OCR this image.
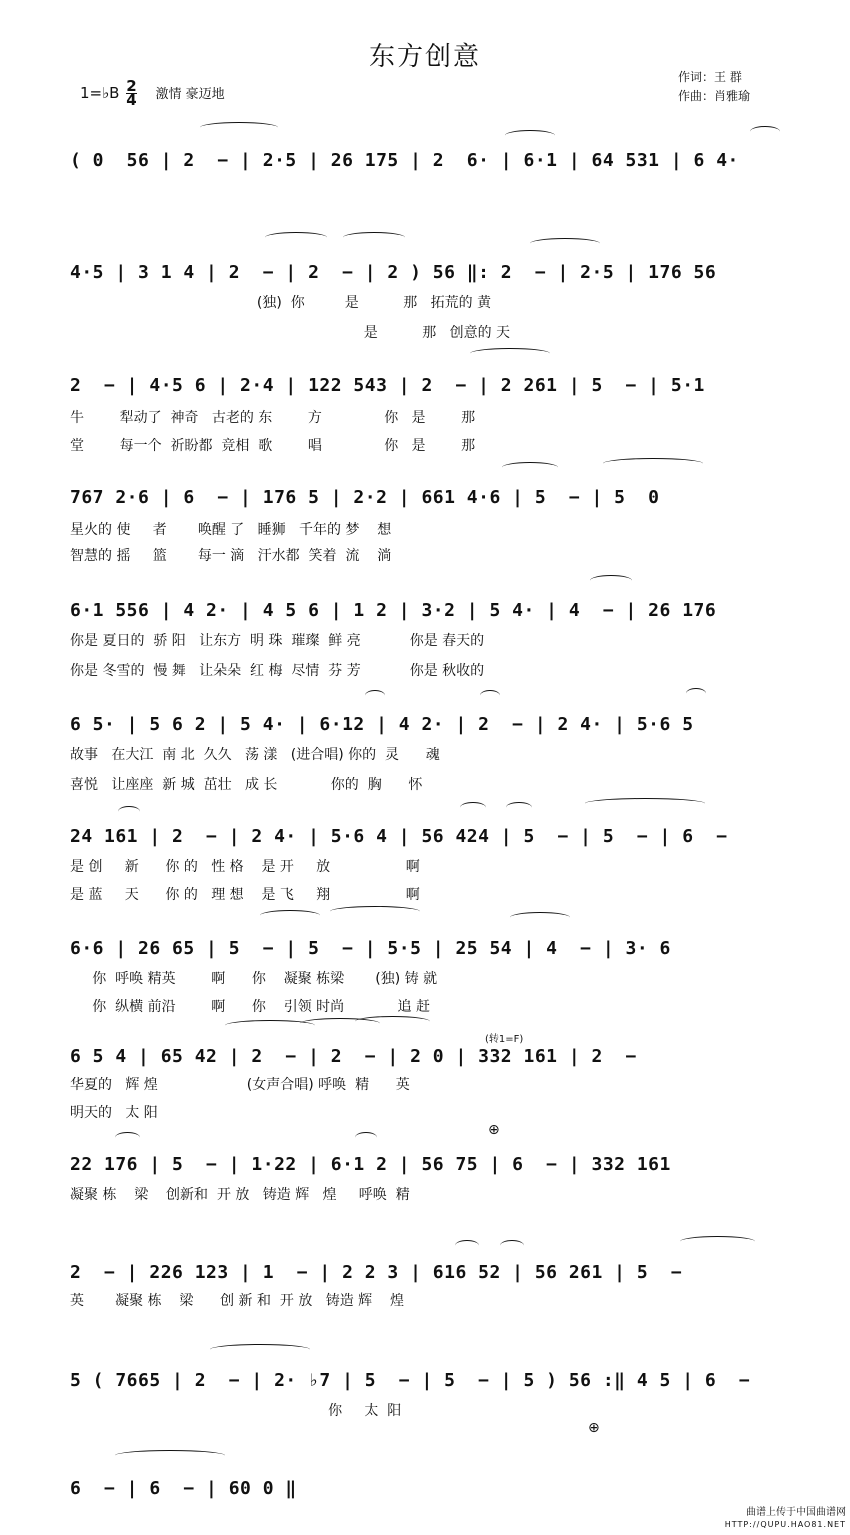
东方创意
1=♭B $\frac{2}{4}$ 激情 豪迈地
作词：王 群
作曲：肖雅瑜
( 0  56 | 2  − | 2·5 | 26 175 | 2  6· | 6·1 | 64 531 | 6 4·
4·5 | 3 1 4 | 2  − | 2  − | 2 ) 56 ‖: 2  − | 2·5 | 176 56
(独)  你         是          那   拓荒的 黄
是          那   创意的 天
2  − | 4·5 6 | 2·4 | 122 543 | 2  − | 2 261 | 5  − | 5·1
牛        犁动了  神奇   古老的 东        方              你   是        那
堂        每一个  祈盼都  竞相  歌        唱              你   是        那
767 2·6 | 6  − | 176 5 | 2·2 | 661 4·6 | 5  − | 5  0
星火的 使     者       唤醒 了   睡狮   千年的 梦    想
智慧的 摇     篮       每一 滴   汗水都  笑着  流    淌
6·1 556 | 4 2· | 4 5 6 | 1 2 | 3·2 | 5 4· | 4  − | 26 176
你是 夏日的  骄 阳   让东方  明 珠  璀璨  鲜 亮           你是 春天的
你是 冬雪的  慢 舞   让朵朵  红 梅  尽情  芬 芳           你是 秋收的
6 5· | 5 6 2 | 5 4· | 6·12 | 4 2· | 2  − | 2 4· | 5·6 5
故事   在大江  南 北  久久   荡 漾   (进合唱) 你的  灵      魂
喜悦   让座座  新 城  茁壮   成 长            你的  胸      怀
24 161 | 2  − | 2 4· | 5·6 4 | 56 424 | 5  − | 5  − | 6  −
是 创     新      你 的   性 格    是 开     放                 啊
是 蓝     天      你 的   理 想    是 飞     翔                 啊
6·6 | 26 65 | 5  − | 5  − | 5·5 | 25 54 | 4  − | 3· 6
你  呼唤 精英        啊      你    凝聚 栋梁       (独) 铸 就
你  纵横 前沿        啊      你    引领 时尚            追 赶
6 5 4 | 65 42 | 2  − | 2  − | 2 0 | 332 161 | 2  −
华夏的   辉 煌                    (女声合唱) 呼唤  精      英
明天的   太 阳
(转1=F)
⊕
22 176 | 5  − | 1·22 | 6·1 2 | 56 75 | 6  − | 332 161
凝聚 栋    梁    创新和  开 放   铸造 辉   煌     呼唤  精
2  − | 226 123 | 1  − | 2 2 3 | 616 52 | 56 261 | 5  −
英       凝聚 栋    梁      创 新 和  开 放   铸造 辉    煌
5 ( 7665 | 2  − | 2· ♭7 | 5  − | 5  − | 5 ) 56 :‖ 4 5 | 6  −
你     太  阳
⊕
6  − | 6  − | 60 0 ‖
曲谱上传于中国曲谱网
HTTP://QUPU.HAO81.NET
